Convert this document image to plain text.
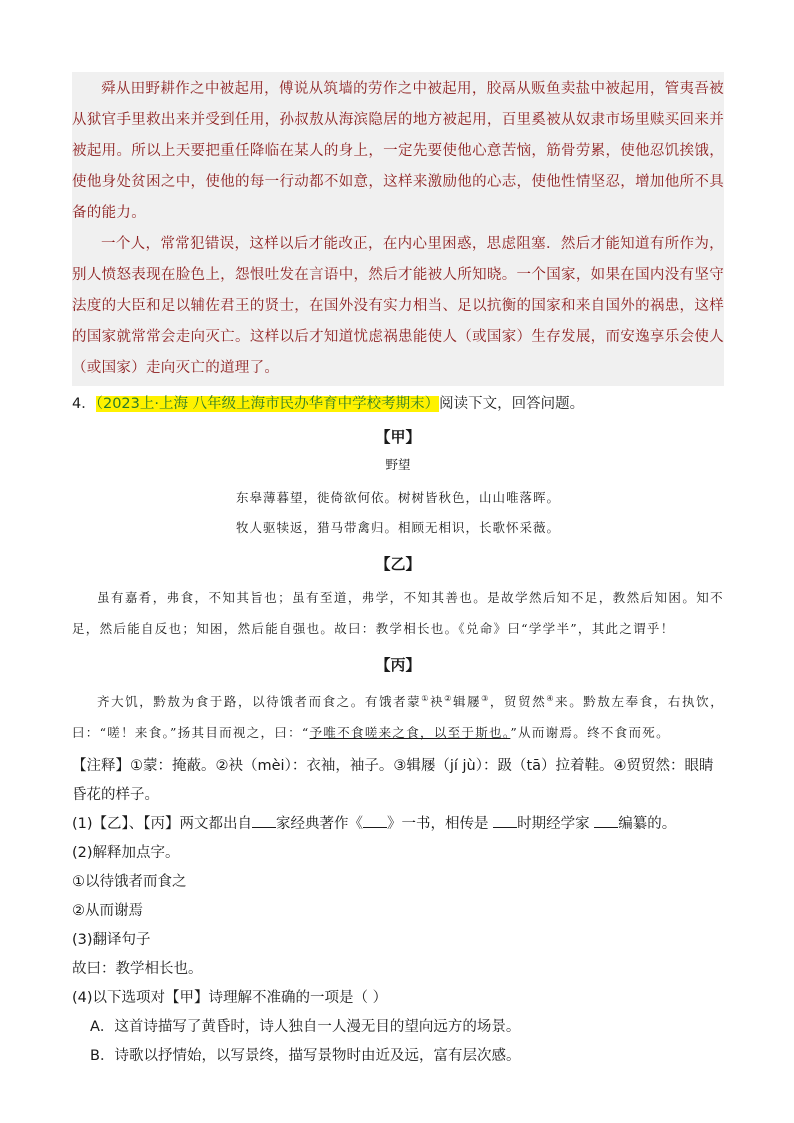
舜从田野耕作之中被起用，傅说从筑墙的劳作之中被起用，胶鬲从贩鱼卖盐中被起用，管夷吾被从狱官手里救出来并受到任用，孙叔敖从海滨隐居的地方被起用，百里奚被从奴隶市场里赎买回来并被起用。所以上天要把重任降临在某人的身上，一定先要使他心意苦恼，筋骨劳累，使他忍饥挨饿，使他身处贫困之中，使他的每一行动都不如意，这样来激励他的心志，使他性情坚忍，增加他所不具备的能力。

一个人，常常犯错误，这样以后才能改正，在内心里困惑，思虑阻塞．然后才能知道有所作为，别人愤怒表现在脸色上，怨恨吐发在言语中，然后才能被人所知晓。一个国家，如果在国内没有坚守法度的大臣和足以辅佐君王的贤士，在国外没有实力相当、足以抗衡的国家和来自国外的祸患，这样的国家就常常会走向灭亡。这样以后才知道忧虑祸患能使人（或国家）生存发展，而安逸享乐会使人（或国家）走向灭亡的道理了。

4．（2023上·上海 八年级上海市民办华育中学校考期末）阅读下文，回答问题。
【甲】
野望
东皋薄暮望，徙倚欲何依。树树皆秋色，山山唯落晖。
牧人驱犊返，猎马带禽归。相顾无相识，长歌怀采薇。
【乙】

虽有嘉肴，弗食，不知其旨也；虽有至道，弗学，不知其善也。是故学然后知不足，教然后知困。知不足，然后能自反也；知困，然后能自强也。故曰：教学相长也。《兑命》曰“学学半”，其此之谓乎！

【丙】

齐大饥，黔敖为食于路，以待饿者而食之。有饿者蒙①袂②辑屦③，贸贸然④来。黔敖左奉食，右执饮，曰：“嗟！来食。”扬其目而视之，曰：“予唯不食嗟来之食，以至于斯也。”从而谢焉。终不食而死。

【注释】①蒙：掩蔽。②袂（mèi）：衣袖，袖子。③辑屦（jí jù）：趿（tā）拉着鞋。④贸贸然：眼睛昏花的样子。

(1)【乙】、【丙】两文都出自 家经典著作《 》一书，相传是 时期经学家 编纂的。

(2)解释加点字。

①以待饿者而食之

②从而谢焉

(3)翻译句子

故曰：教学相长也。

(4)以下选项对【甲】诗理解不准确的一项是（ ）

A．这首诗描写了黄昏时，诗人独自一人漫无目的望向远方的场景。

B．诗歌以抒情始，以写景终，描写景物时由近及远，富有层次感。
